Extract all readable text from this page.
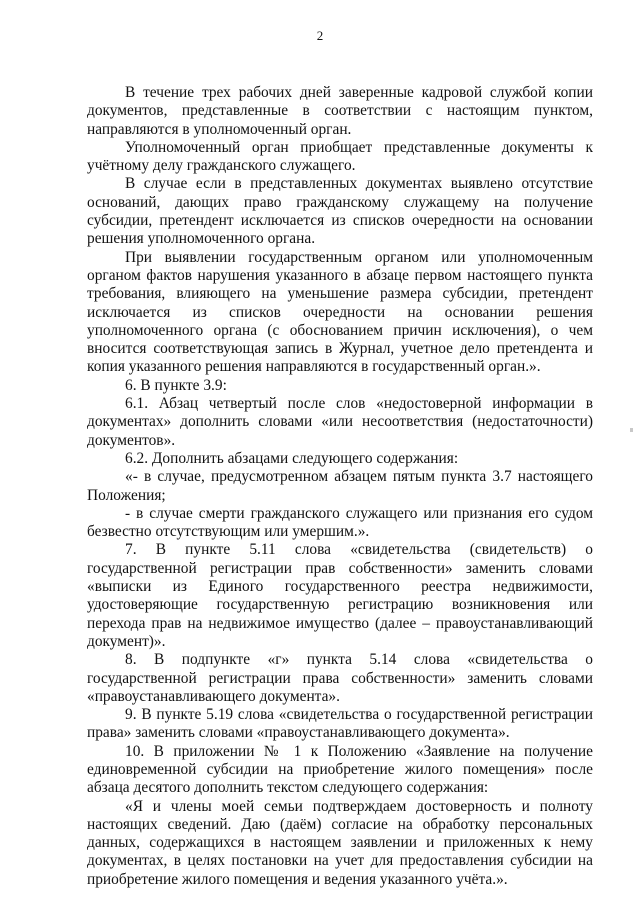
2

В течение трех рабочих дней заверенные кадровой службой копии документов, представленные в соответствии с настоящим пунктом, направляются в уполномоченный орган.

Уполномоченный орган приобщает представленные документы к учётному делу гражданского служащего.

В случае если в представленных документах выявлено отсутствие оснований, дающих право гражданскому служащему на получение субсидии, претендент исключается из списков очередности на основании решения уполномоченного органа.

При выявлении государственным органом или уполномоченным органом фактов нарушения указанного в абзаце первом настоящего пункта требования, влияющего на уменьшение размера субсидии, претендент исключается из списков очередности на основании решения уполномоченного органа (с обоснованием причин исключения), о чем вносится соответствующая запись в Журнал, учетное дело претендента и копия указанного решения направляются в государственный орган.».

6. В пункте 3.9:

6.1. Абзац четвертый после слов «недостоверной информации в документах» дополнить словами «или несоответствия (недостаточности) документов».

6.2. Дополнить абзацами следующего содержания:

«- в случае, предусмотренном абзацем пятым пункта 3.7 настоящего Положения;

- в случае смерти гражданского служащего или признания его судом безвестно отсутствующим или умершим.».

7. В пункте 5.11 слова «свидетельства (свидетельств) о государственной регистрации прав собственности» заменить словами «выписки из Единого государственного реестра недвижимости, удостоверяющие государственную регистрацию возникновения или перехода прав на недвижимое имущество (далее – правоустанавливающий документ)».

8. В подпункте «г» пункта 5.14 слова «свидетельства о государственной регистрации права собственности» заменить словами «правоустанавливающего документа».

9. В пункте 5.19 слова «свидетельства о государственной регистрации права» заменить словами «правоустанавливающего документа».

10. В приложении № 1 к Положению «Заявление на получение единовременной субсидии на приобретение жилого помещения» после абзаца десятого дополнить текстом следующего содержания:

«Я и члены моей семьи подтверждаем достоверность и полноту настоящих сведений. Даю (даём) согласие на обработку персональных данных, содержащихся в настоящем заявлении и приложенных к нему документах, в целях постановки на учет для предоставления субсидии на приобретение жилого помещения и ведения указанного учёта.».
